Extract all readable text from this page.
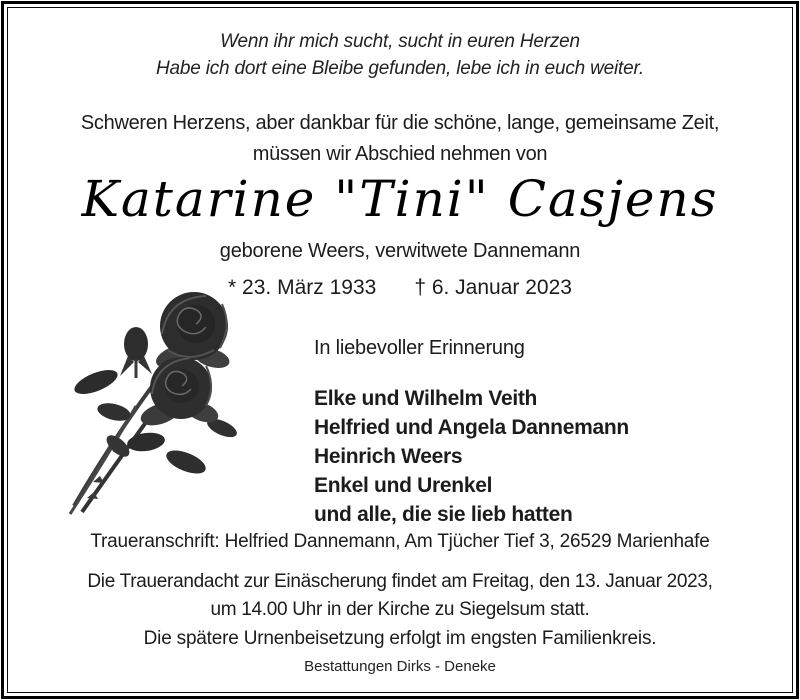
Wenn ihr mich sucht, sucht in euren Herzen
Habe ich dort eine Bleibe gefunden, lebe ich in euch weiter.
Schweren Herzens, aber dankbar für die schöne, lange, gemeinsame Zeit,
müssen wir Abschied nehmen von
Katarine "Tini" Casjens
geborene Weers, verwitwete Dannemann
* 23. März 1933 † 6. Januar 2023
In liebevoller Erinnerung
Elke und Wilhelm Veith
Helfried und Angela Dannemann
Heinrich Weers
Enkel und Urenkel
und alle, die sie lieb hatten
Traueranschrift: Helfried Dannemann, Am Tjücher Tief 3, 26529 Marienhafe
Die Trauerandacht zur Einäscherung findet am Freitag, den 13. Januar 2023,
um 14.00 Uhr in der Kirche zu Siegelsum statt.
Die spätere Urnenbeisetzung erfolgt im engsten Familienkreis.
Bestattungen Dirks - Deneke
